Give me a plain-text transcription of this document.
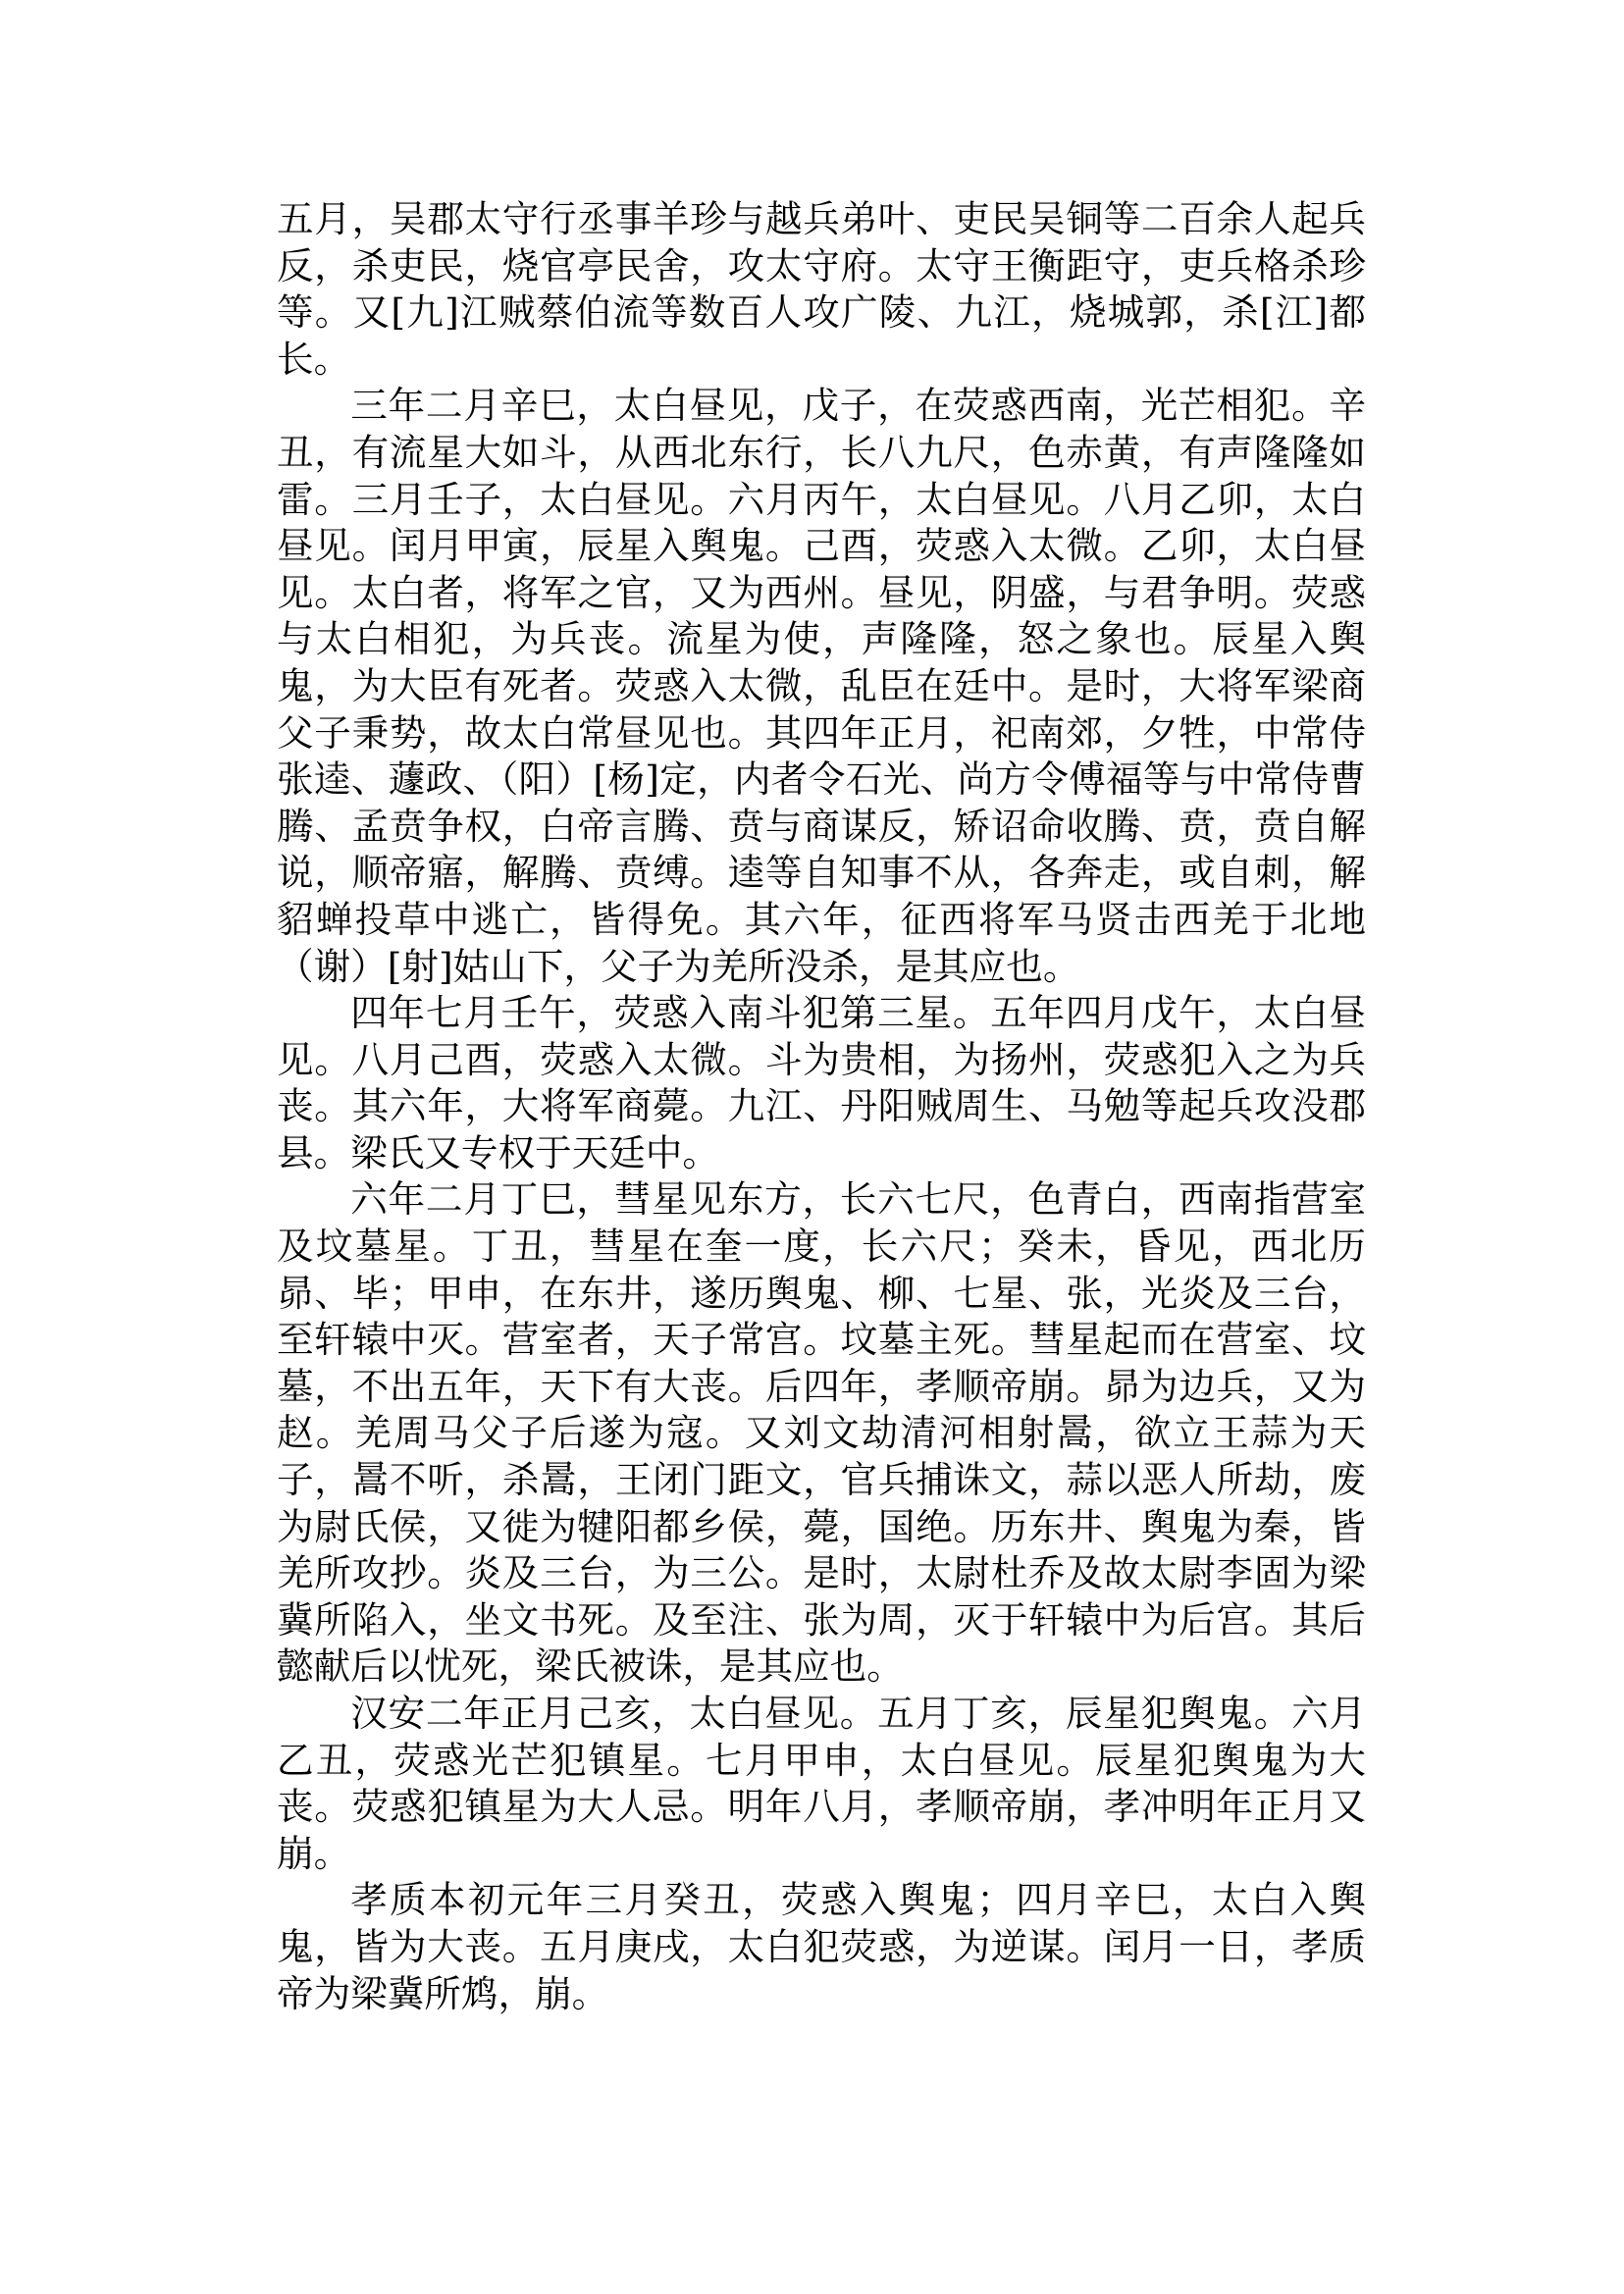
五月，吴郡太守行丞事羊珍与越兵弟叶、吏民吴铜等二百余人起兵反，杀吏民，烧官亭民舍，攻太守府。太守王衡距守，吏兵格杀珍等。又[九]江贼蔡伯流等数百人攻广陵、九江，烧城郭，杀[江]都长。

三年二月辛巳，太白昼见，戊子，在荧惑西南，光芒相犯。辛丑，有流星大如斗，从西北东行，长八九尺，色赤黄，有声隆隆如雷。三月壬子，太白昼见。六月丙午，太白昼见。八月乙卯，太白昼见。闰月甲寅，辰星入舆鬼。己酉，荧惑入太微。乙卯，太白昼见。太白者，将军之官，又为西州。昼见，阴盛，与君争明。荧惑与太白相犯，为兵丧。流星为使，声隆隆，怒之象也。辰星入舆鬼，为大臣有死者。荧惑入太微，乱臣在廷中。是时，大将军梁商父子秉势，故太白常昼见也。其四年正月，祀南郊，夕牲，中常侍张逵、蘧政、（阳）[杨]定，内者令石光、尚方令傅福等与中常侍曹腾、孟贲争权，白帝言腾、贲与商谋反，矫诏命收腾、贲，贲自解说，顺帝寤，解腾、贲缚。逵等自知事不从，各奔走，或自刺，解貂蝉投草中逃亡，皆得免。其六年，征西将军马贤击西羌于北地（谢）[射]姑山下，父子为羌所没杀，是其应也。

四年七月壬午，荧惑入南斗犯第三星。五年四月戊午，太白昼见。八月己酉，荧惑入太微。斗为贵相，为扬州，荧惑犯入之为兵丧。其六年，大将军商薨。九江、丹阳贼周生、马勉等起兵攻没郡县。梁氏又专权于天廷中。

六年二月丁巳，彗星见东方，长六七尺，色青白，西南指营室及坟墓星。丁丑，彗星在奎一度，长六尺；癸未，昏见，西北历昴、毕；甲申，在东井，遂历舆鬼、柳、七星、张，光炎及三台，至轩辕中灭。营室者，天子常宫。坟墓主死。彗星起而在营室、坟墓，不出五年，天下有大丧。后四年，孝顺帝崩。昴为边兵，又为赵。羌周马父子后遂为寇。又刘文劫清河相射暠，欲立王蒜为天子，暠不听，杀暠，王闭门距文，官兵捕诛文，蒜以恶人所劫，废为尉氏侯，又徙为犍阳都乡侯，薨，国绝。历东井、舆鬼为秦，皆羌所攻抄。炎及三台，为三公。是时，太尉杜乔及故太尉李固为梁冀所陷入，坐文书死。及至注、张为周，灭于轩辕中为后宫。其后懿献后以忧死，梁氏被诛，是其应也。

汉安二年正月己亥，太白昼见。五月丁亥，辰星犯舆鬼。六月乙丑，荧惑光芒犯镇星。七月甲申，太白昼见。辰星犯舆鬼为大丧。荧惑犯镇星为大人忌。明年八月，孝顺帝崩，孝冲明年正月又崩。

孝质本初元年三月癸丑，荧惑入舆鬼；四月辛巳，太白入舆鬼，皆为大丧。五月庚戌，太白犯荧惑，为逆谋。闰月一日，孝质帝为梁冀所鸩，崩。
